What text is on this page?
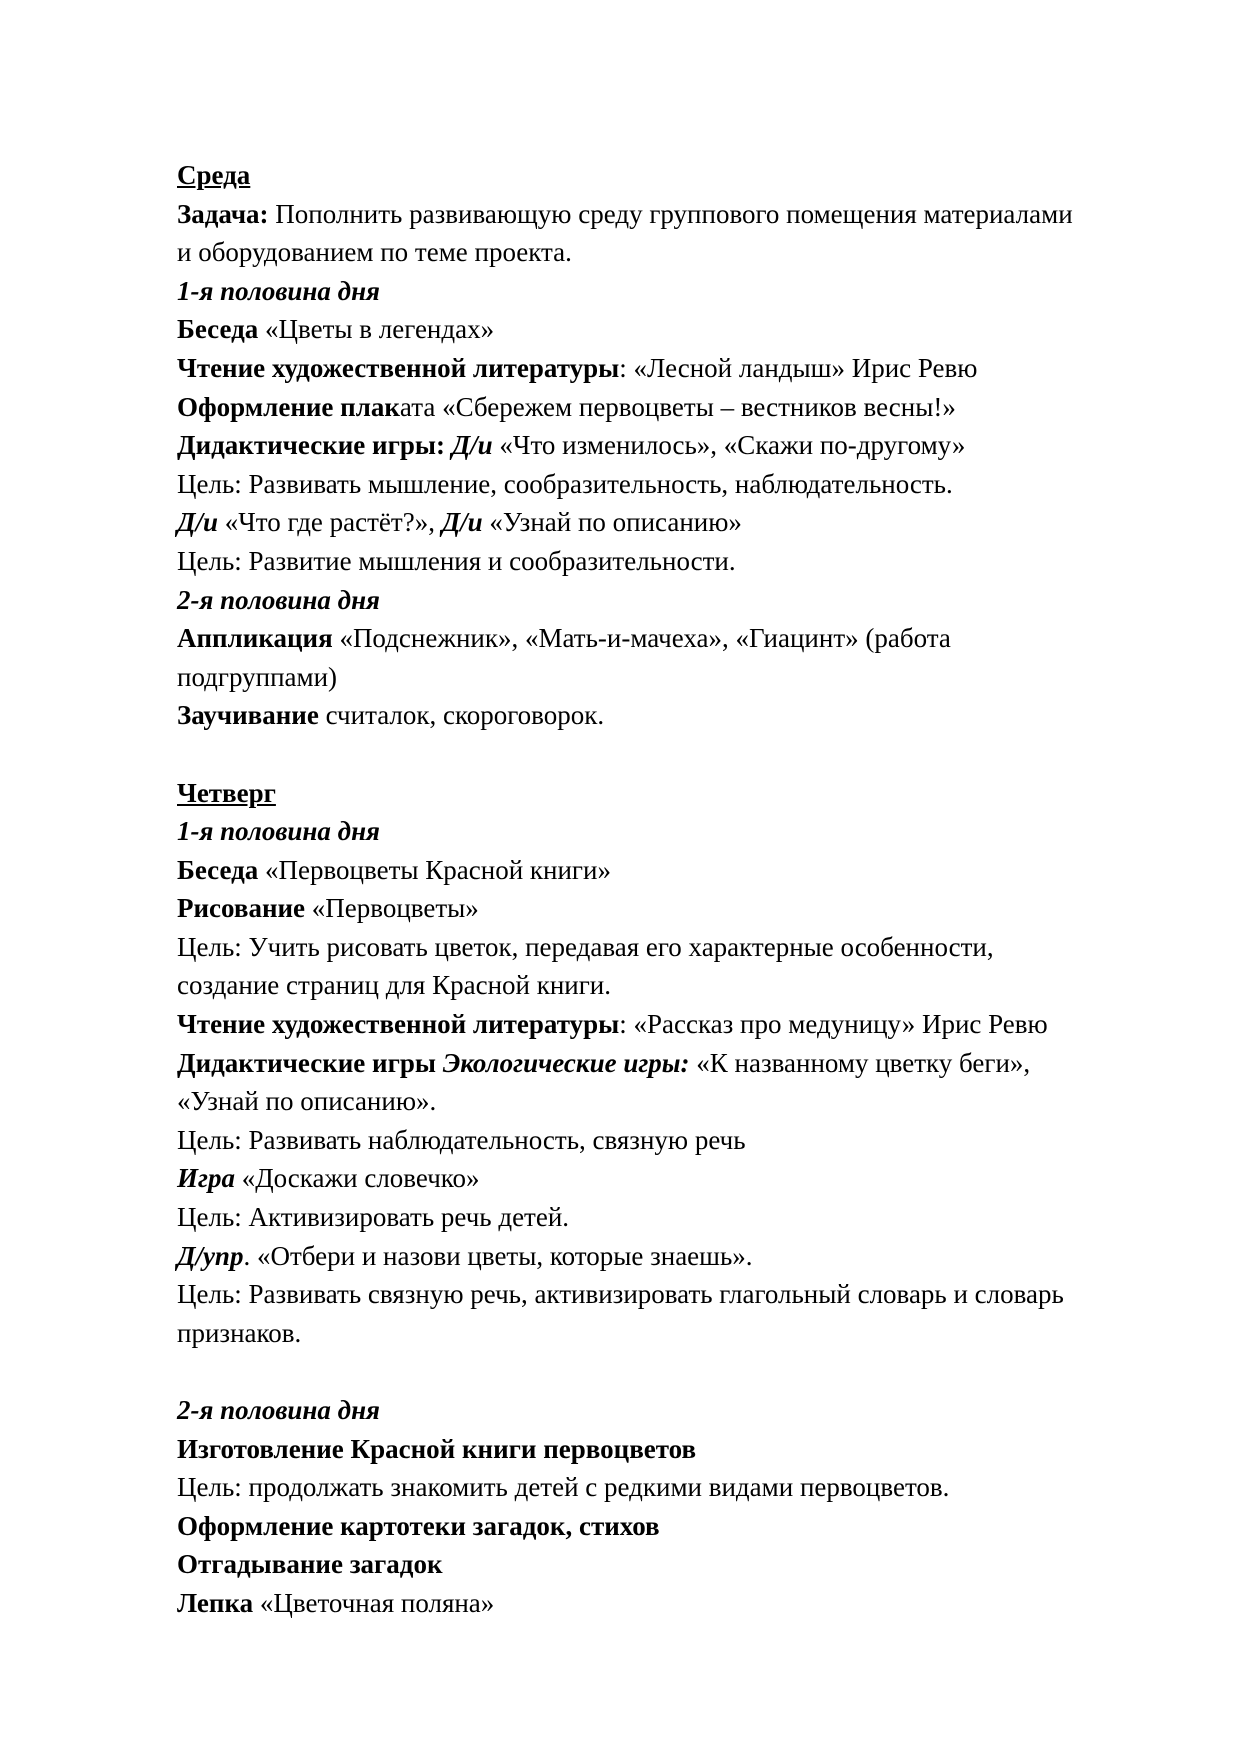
Среда
Задача: Пополнить развивающую среду группового помещения материалами
и оборудованием по теме проекта.
1-я половина дня
Беседа «Цветы в легендах»
Чтение художественной литературы: «Лесной ландыш» Ирис Ревю
Оформление плаката «Сбережем первоцветы – вестников весны!»
Дидактические игры: Д/и «Что изменилось», «Скажи по-другому»
Цель: Развивать мышление, сообразительность, наблюдательность.
Д/и «Что где растёт?», Д/и «Узнай по описанию»
Цель: Развитие мышления и сообразительности.
2-я половина дня
Аппликация «Подснежник», «Мать-и-мачеха», «Гиацинт» (работа
подгруппами)
Заучивание считалок, скороговорок.
Четверг
1-я половина дня
Беседа «Первоцветы Красной книги»
Рисование «Первоцветы»
Цель: Учить рисовать цветок, передавая его характерные особенности,
создание страниц для Красной книги.
Чтение художественной литературы: «Рассказ про медуницу» Ирис Ревю
Дидактические игры Экологические игры: «К названному цветку беги»,
«Узнай по описанию».
Цель: Развивать наблюдательность, связную речь
Игра «Доскажи словечко»
Цель: Активизировать речь детей.
Д/упр. «Отбери и назови цветы, которые знаешь».
Цель: Развивать связную речь, активизировать глагольный словарь и словарь
признаков.
2-я половина дня
Изготовление Красной книги первоцветов
Цель: продолжать знакомить детей с редкими видами первоцветов.
Оформление картотеки загадок, стихов
Отгадывание загадок
Лепка «Цветочная поляна»
